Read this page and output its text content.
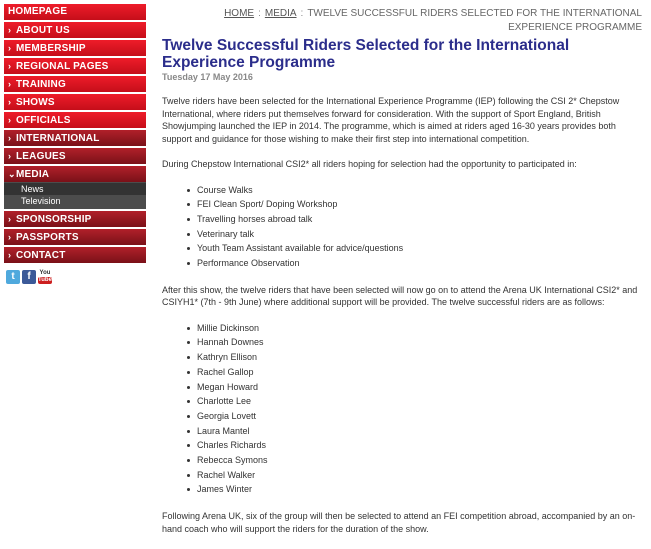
HOMEPAGE
› ABOUT US
› MEMBERSHIP
› REGIONAL PAGES
› TRAINING
› SHOWS
› OFFICIALS
› INTERNATIONAL
› LEAGUES
⌄MEDIA
News
Television
› SPONSORSHIP
› PASSPORTS
› CONTACT
t f You
Tube
HOME : MEDIA : TWELVE SUCCESSFUL RIDERS SELECTED FOR THE INTERNATIONAL EXPERIENCE PROGRAMME
Twelve Successful Riders Selected for the International Experience Programme
Tuesday 17 May 2016

Twelve riders have been selected for the International Experience Programme (IEP) following the CSI 2* Chepstow International, where riders put themselves forward for consideration. With the support of Sport England, British Showjumping launched the IEP in 2014. The programme, which is aimed at riders aged 16-30 years provides both support and guidance for those wishing to make their first step into international competition.

During Chepstow International CSI2* all riders hoping for selection had the opportunity to participated in:

Course Walks
FEI Clean Sport/ Doping Workshop
Travelling horses abroad talk
Veterinary talk
Youth Team Assistant available for advice/questions
Performance Observation

After this show, the twelve riders that have been selected will now go on to attend the Arena UK International CSI2* and CSIYH1* (7th - 9th June) where additional support will be provided. The twelve successful riders are as follows:

Millie Dickinson
Hannah Downes
Kathryn Ellison
Rachel Gallop
Megan Howard
Charlotte Lee
Georgia Lovett
Laura Mantel
Charles Richards
Rebecca Symons
Rachel Walker
James Winter

Following Arena UK, six of the group will then be selected to attend an FEI competition abroad, accompanied by an on-hand coach who will support the riders for the duration of the show.
